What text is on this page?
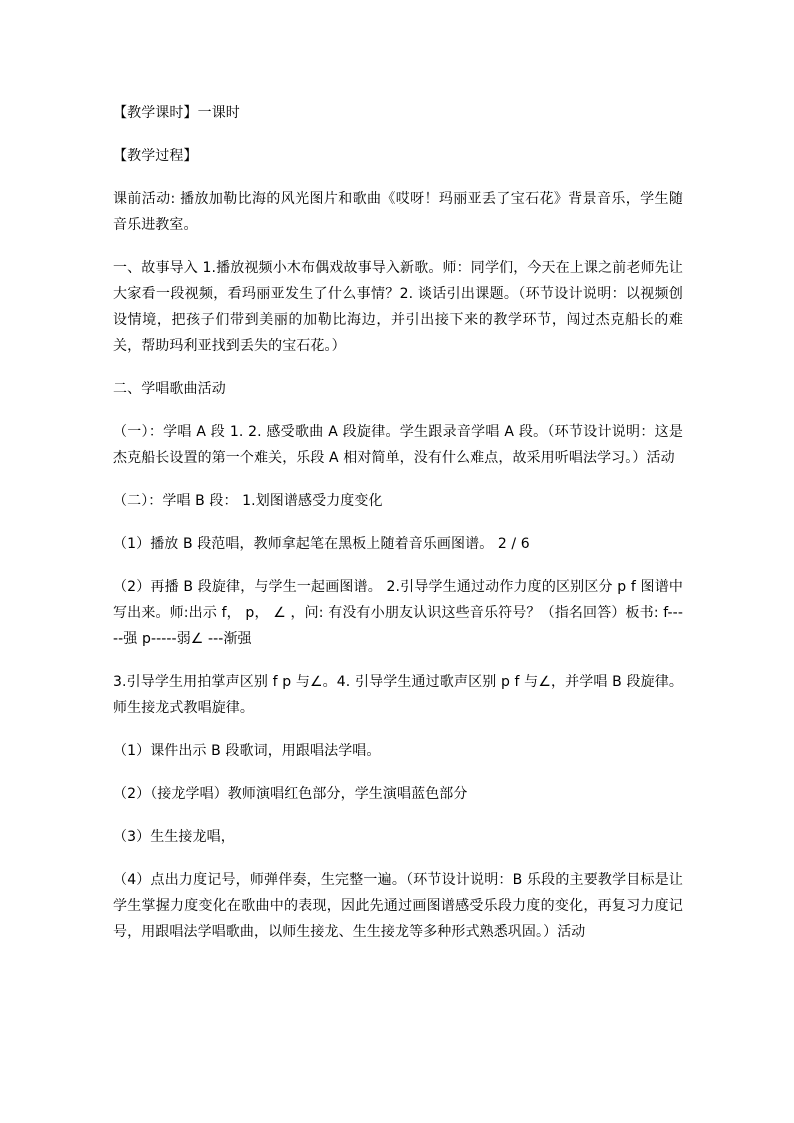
【教学课时】一课时

【教学过程】

课前活动: 播放加勒比海的风光图片和歌曲《哎呀！玛丽亚丢了宝石花》背景音乐，学生随音乐进教室。

一、故事导入 1.播放视频小木布偶戏故事导入新歌。师：同学们，今天在上课之前老师先让大家看一段视频，看玛丽亚发生了什么事情？2. 谈话引出课题。（环节设计说明：以视频创设情境，把孩子们带到美丽的加勒比海边，并引出接下来的教学环节，闯过杰克船长的难关，帮助玛利亚找到丢失的宝石花。）

二、学唱歌曲活动

（一）：学唱 A 段 1. 2. 感受歌曲 A 段旋律。学生跟录音学唱 A 段。（环节设计说明：这是杰克船长设置的第一个难关，乐段 A 相对简单，没有什么难点，故采用听唱法学习。）活动

（二）：学唱 B 段： 1.划图谱感受力度变化

（1）播放 B 段范唱，教师拿起笔在黑板上随着音乐画图谱。 2 / 6

（2）再播 B 段旋律，与学生一起画图谱。 2.引导学生通过动作力度的区别区分 p f 图谱中写出来。师:出示 f， p， ∠ ，问: 有没有小朋友认识这些音乐符号？（指名回答）板书: f-----强 p-----弱∠ ---渐强

3.引导学生用拍掌声区别 f p 与∠。4. 引导学生通过歌声区别 p f 与∠，并学唱 B 段旋律。师生接龙式教唱旋律。

（1）课件出示 B 段歌词，用跟唱法学唱。

（2）（接龙学唱）教师演唱红色部分，学生演唱蓝色部分

（3）生生接龙唱，

（4）点出力度记号，师弹伴奏，生完整一遍。（环节设计说明：B 乐段的主要教学目标是让学生掌握力度变化在歌曲中的表现，因此先通过画图谱感受乐段力度的变化，再复习力度记号，用跟唱法学唱歌曲，以师生接龙、生生接龙等多种形式熟悉巩固。）活动
